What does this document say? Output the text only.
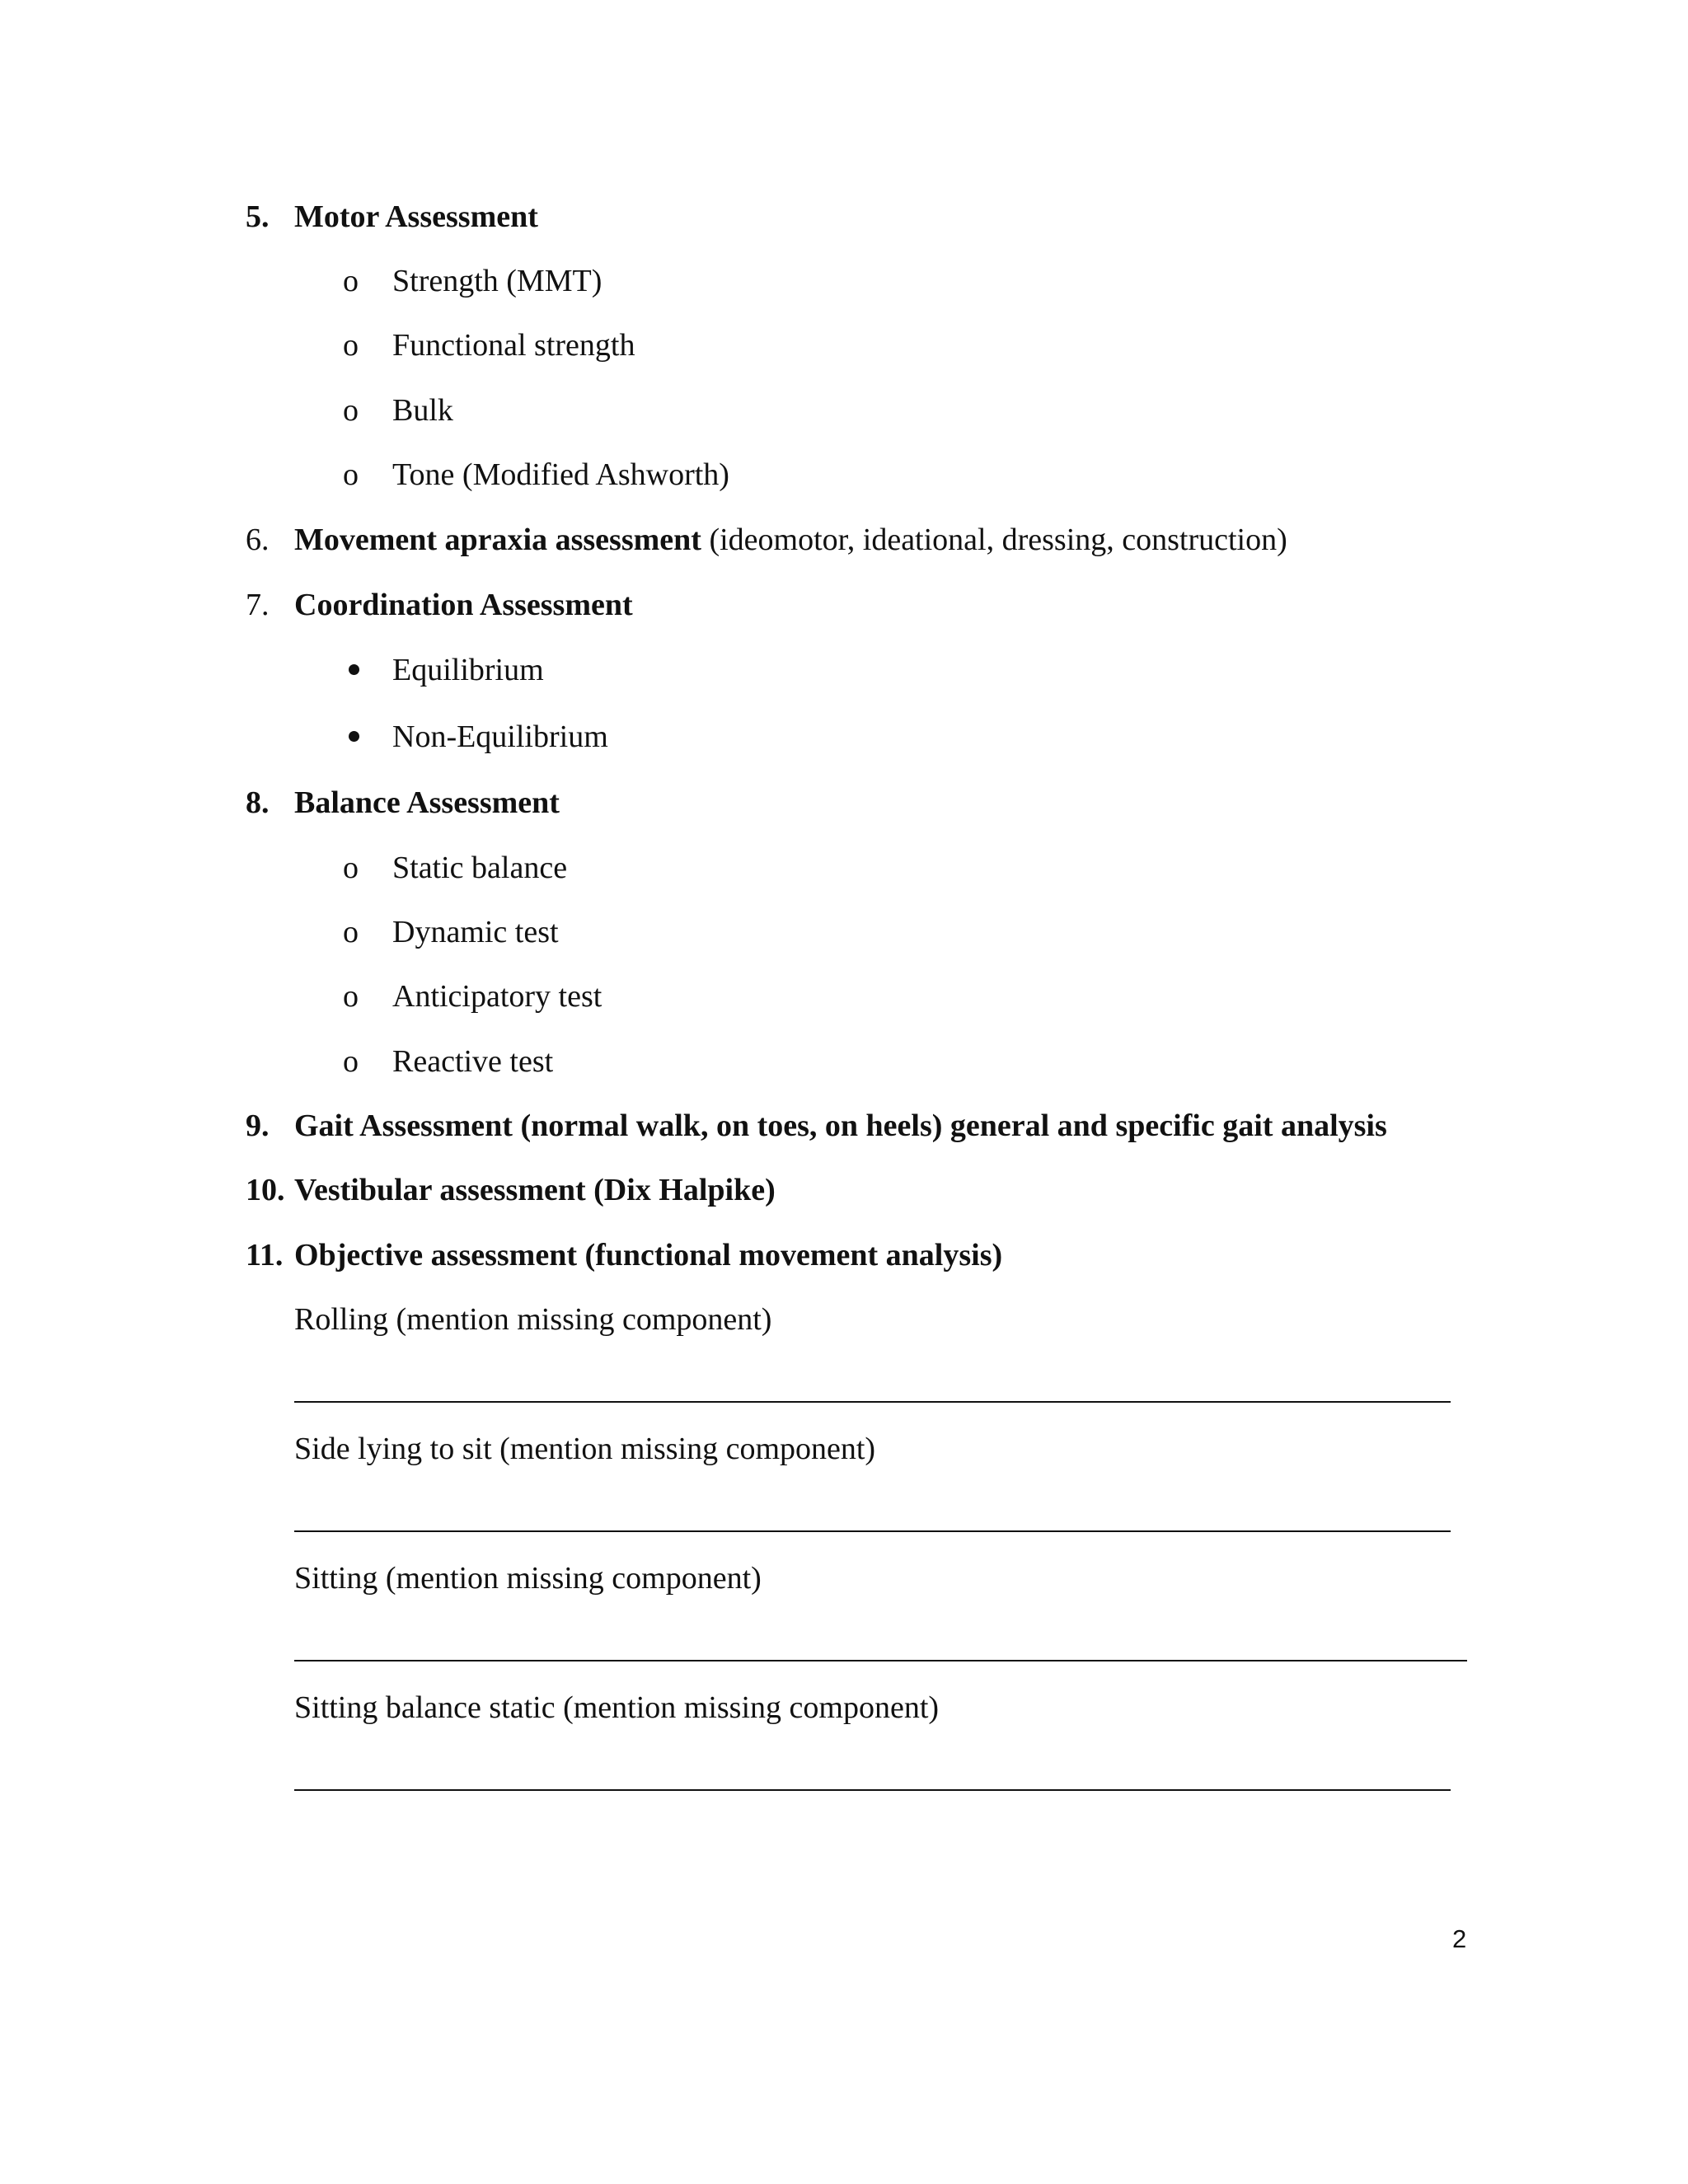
5. Motor Assessment
o Strength (MMT)
o Functional strength
o Bulk
o Tone (Modified Ashworth)
6. Movement apraxia assessment (ideomotor, ideational, dressing, construction)
7. Coordination Assessment
Equilibrium
Non-Equilibrium
8. Balance Assessment
o Static balance
o Dynamic test
o Anticipatory test
o Reactive test
9. Gait Assessment (normal walk, on toes, on heels) general and specific gait analysis
10. Vestibular assessment (Dix Halpike)
11. Objective assessment (functional movement analysis)
Rolling (mention missing component)
Side lying to sit (mention missing component)
Sitting (mention missing component)
Sitting balance static (mention missing component)
2
